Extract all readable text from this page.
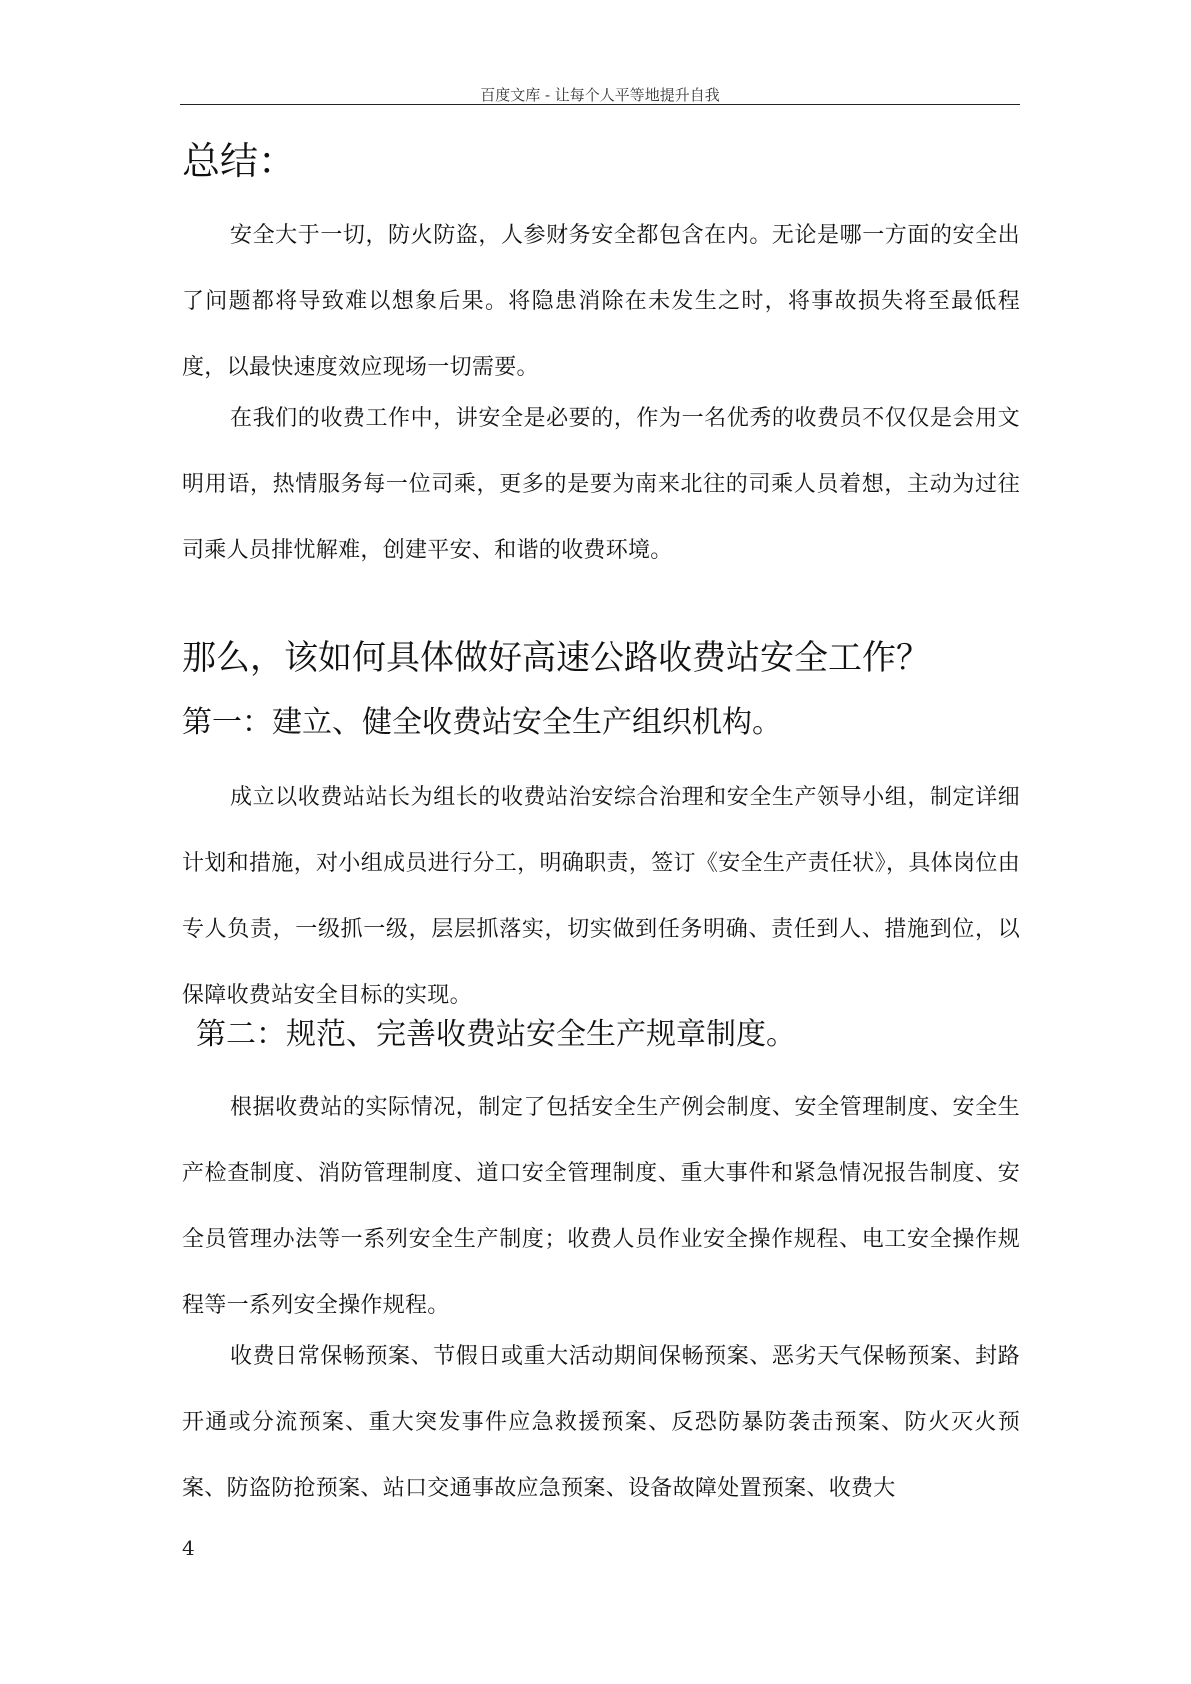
百度文库 - 让每个人平等地提升自我
总结：

安全大于一切，防火防盗，人参财务安全都包含在内。无论是哪一方面的安全出了问题都将导致难以想象后果。将隐患消除在未发生之时，将事故损失将至最低程度，以最快速度效应现场一切需要。

在我们的收费工作中，讲安全是必要的，作为一名优秀的收费员不仅仅是会用文明用语，热情服务每一位司乘，更多的是要为南来北往的司乘人员着想，主动为过往司乘人员排忧解难，创建平安、和谐的收费环境。

那么，该如何具体做好高速公路收费站安全工作？
第一：建立、健全收费站安全生产组织机构。

成立以收费站站长为组长的收费站治安综合治理和安全生产领导小组，制定详细计划和措施，对小组成员进行分工，明确职责，签订《安全生产责任状》，具体岗位由专人负责，一级抓一级，层层抓落实，切实做到任务明确、责任到人、措施到位，以保障收费站安全目标的实现。

第二：规范、完善收费站安全生产规章制度。

根据收费站的实际情况，制定了包括安全生产例会制度、安全管理制度、安全生产检查制度、消防管理制度、道口安全管理制度、重大事件和紧急情况报告制度、安全员管理办法等一系列安全生产制度；收费人员作业安全操作规程、电工安全操作规程等一系列安全操作规程。

收费日常保畅预案、节假日或重大活动期间保畅预案、恶劣天气保畅预案、封路开通或分流预案、重大突发事件应急救援预案、反恐防暴防袭击预案、防火灭火预案、防盗防抢预案、站口交通事故应急预案、设备故障处置预案、收费大

4
